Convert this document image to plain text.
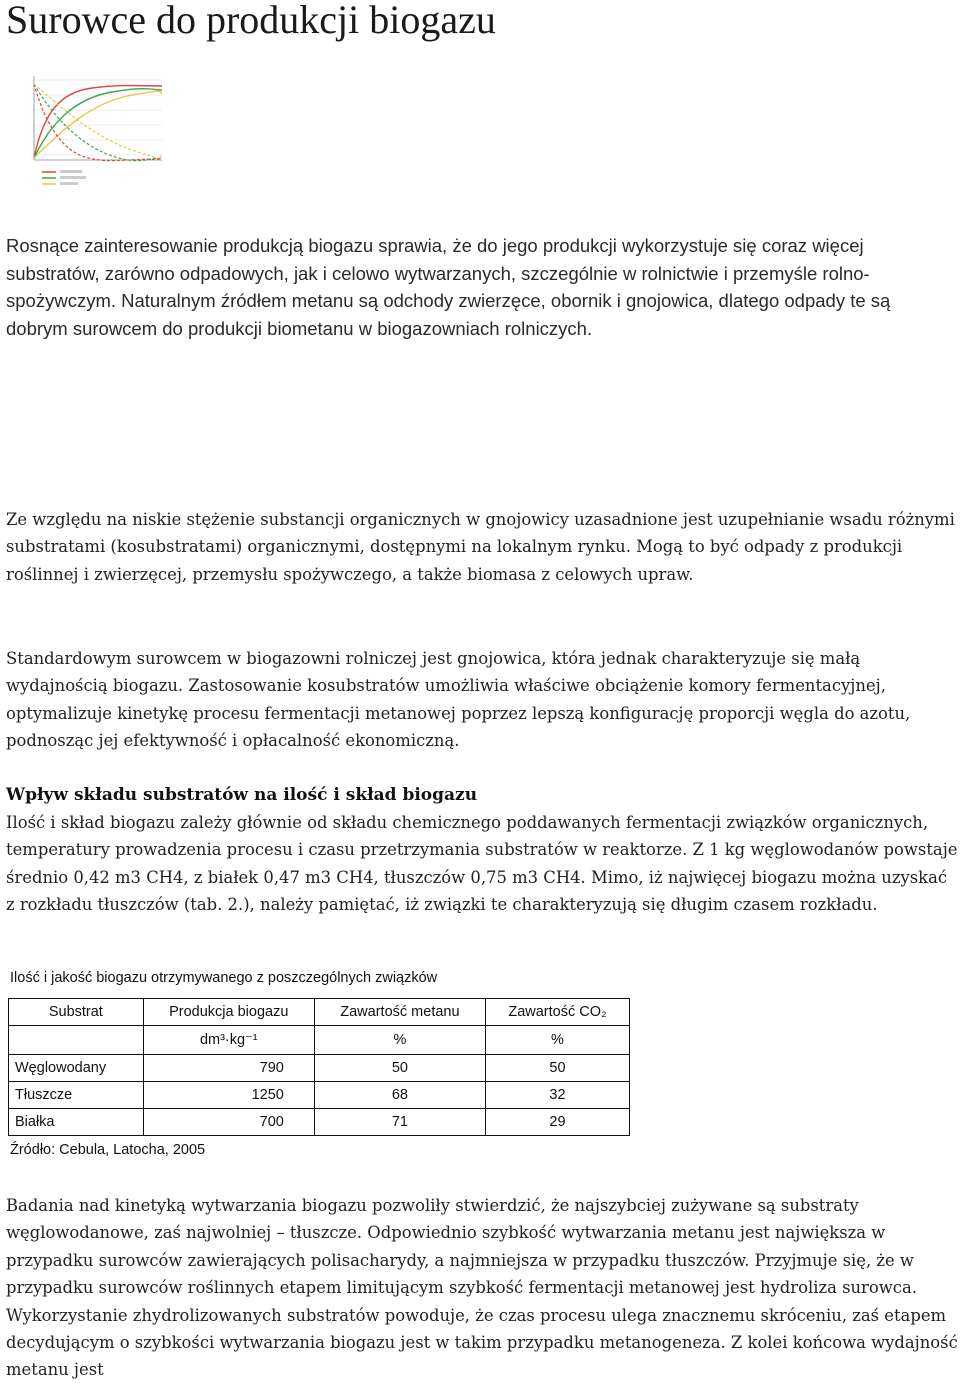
Surowce do produkcji biogazu

Rosnące zainteresowanie produkcją biogazu sprawia, że do jego produkcji wykorzystuje się coraz więcej substratów, zarówno odpadowych, jak i celowo wytwarzanych, szczególnie w rolnictwie i przemyśle rolno-spożywczym. Naturalnym źródłem metanu są odchody zwierzęce, obornik i gnojowica, dlatego odpady te są dobrym surowcem do produkcji biometanu w biogazowniach rolniczych.

Ze względu na niskie stężenie substancji organicznych w gnojowicy uzasadnione jest uzupełnianie wsadu różnymi substratami (kosubstratami) organicznymi, dostępnymi na lokalnym rynku. Mogą to być odpady z produkcji roślinnej i zwierzęcej, przemysłu spożywczego, a także biomasa z celowych upraw.

Standardowym surowcem w biogazowni rolniczej jest gnojowica, która jednak charakteryzuje się małą wydajnością biogazu. Zastosowanie kosubstratów umożliwia właściwe obciążenie komory fermentacyjnej, optymalizuje kinetykę procesu fermentacji metanowej poprzez lepszą konfigurację proporcji węgla do azotu, podnosząc jej efektywność i opłacalność ekonomiczną.

Wpływ składu substratów na ilość i skład biogazu

Ilość i skład biogazu zależy głównie od składu chemicznego poddawanych fermentacji związków organicznych, temperatury prowadzenia procesu i czasu przetrzymania substratów w reaktorze. Z 1 kg węglowodanów powstaje średnio 0,42 m3 CH4, z białek 0,47 m3 CH4, tłuszczów 0,75 m3 CH4. Mimo, iż najwięcej biogazu można uzyskać z rozkładu tłuszczów (tab. 2.), należy pamiętać, iż związki te charakteryzują się długim czasem rozkładu.

Ilość i jakość biogazu otrzymywanego z poszczególnych związków
Substrat	Produkcja biogazu	Zawartość metanu	Zawartość CO₂
	dm³·kg⁻¹	%	%
Węglowodany	790	50	50
Tłuszcze	1250	68	32
Białka	700	71	29
Źródło: Cebula, Latocha, 2005

Badania nad kinetyką wytwarzania biogazu pozwoliły stwierdzić, że najszybciej zużywane są substraty węglowodanowe, zaś najwolniej – tłuszcze. Odpowiednio szybkość wytwarzania metanu jest największa w przypadku surowców zawierających polisacharydy, a najmniejsza w przypadku tłuszczów. Przyjmuje się, że w przypadku surowców roślinnych etapem limitującym szybkość fermentacji metanowej jest hydroliza surowca. Wykorzystanie zhydrolizowanych substratów powoduje, że czas procesu ulega znacznemu skróceniu, zaś etapem decydującym o szybkości wytwarzania biogazu jest w takim przypadku metanogeneza. Z kolei końcowa wydajność metanu jest
